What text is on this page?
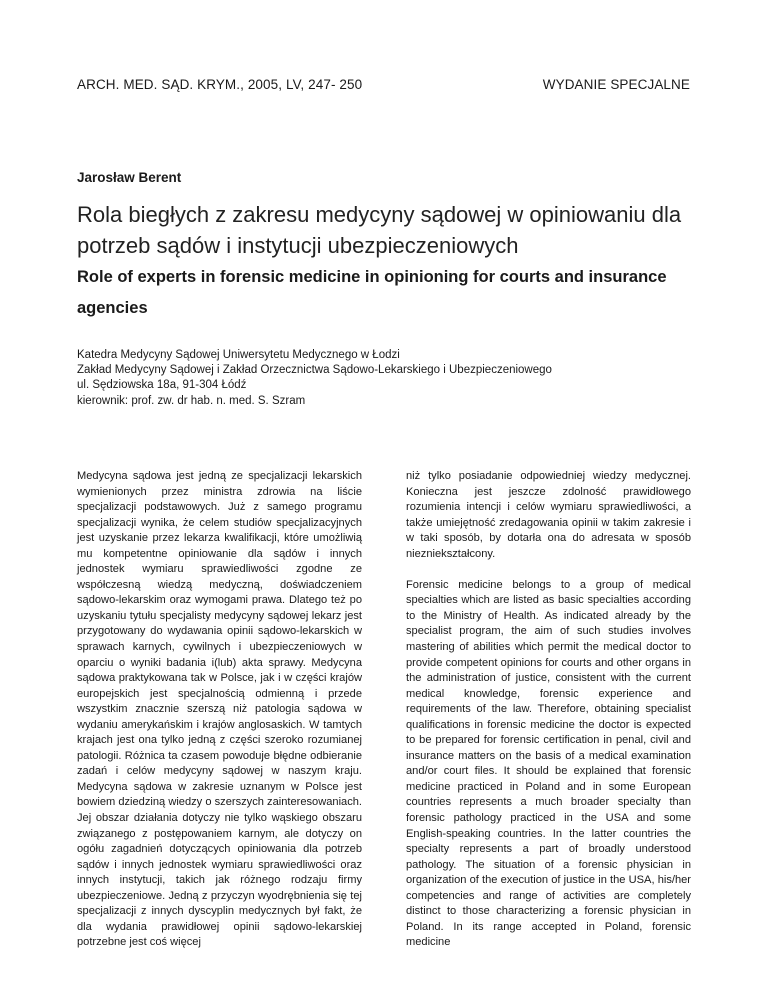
ARCH. MED. SĄD. KRYM., 2005, LV, 247- 250	WYDANIE SPECJALNE
Jarosław Berent
Rola biegłych z zakresu medycyny sądowej w opiniowaniu dla potrzeb sądów i instytucji ubezpieczeniowych
Role of experts in forensic medicine in opinioning for courts and insurance agencies
Katedra Medycyny Sądowej Uniwersytetu Medycznego w Łodzi
Zakład Medycyny Sądowej i Zakład Orzecznictwa Sądowo-Lekarskiego i Ubezpieczeniowego
ul. Sędziowska 18a, 91-304 Łódź
kierownik: prof. zw. dr hab. n. med. S. Szram

Medycyna sądowa jest jedną ze specjalizacji lekarskich wymienionych przez ministra zdrowia na liście specjalizacji podstawowych. Już z samego programu specjalizacji wynika, że celem studiów specjalizacyjnych jest uzyskanie przez lekarza kwalifikacji, które umożliwią mu kompetentne opiniowanie dla sądów i innych jednostek wymiaru sprawiedliwości zgodne ze współczesną wiedzą medyczną, doświadczeniem sądowo-lekarskim oraz wymogami prawa. Dlatego też po uzyskaniu tytułu specjalisty medycyny sądowej lekarz jest przygotowany do wydawania opinii sądowo-lekarskich w sprawach karnych, cywilnych i ubezpieczeniowych w oparciu o wyniki badania i(lub) akta sprawy. Medycyna sądowa praktykowana tak w Polsce, jak i w części krajów europejskich jest specjalnością odmienną i przede wszystkim znacznie szerszą niż patologia sądowa w wydaniu amerykańskim i krajów anglosaskich. W tamtych krajach jest ona tylko jedną z części szeroko rozumianej patologii. Różnica ta czasem powoduje błędne odbieranie zadań i celów medycyny sądowej w naszym kraju. Medycyna sądowa w zakresie uznanym w Polsce jest bowiem dziedziną wiedzy o szerszych zainteresowaniach. Jej obszar działania dotyczy nie tylko wąskiego obszaru związanego z postępowaniem karnym, ale dotyczy on ogółu zagadnień dotyczących opiniowania dla potrzeb sądów i innych jednostek wymiaru sprawiedliwości oraz innych instytucji, takich jak różnego rodzaju firmy ubezpieczeniowe. Jedną z przyczyn wyodrębnienia się tej specjalizacji z innych dyscyplin medycznych był fakt, że dla wydania prawidłowej opinii sądowo-lekarskiej potrzebne jest coś więcej

niż tylko posiadanie odpowiedniej wiedzy medycznej. Konieczna jest jeszcze zdolność prawidłowego rozumienia intencji i celów wymiaru sprawiedliwości, a także umiejętność zredagowania opinii w takim zakresie i w taki sposób, by dotarła ona do adresata w sposób niezniekształcony.

Forensic medicine belongs to a group of medical specialties which are listed as basic specialties according to the Ministry of Health. As indicated already by the specialist program, the aim of such studies involves mastering of abilities which permit the medical doctor to provide competent opinions for courts and other organs in the administration of justice, consistent with the current medical knowledge, forensic experience and requirements of the law. Therefore, obtaining specialist qualifications in forensic medicine the doctor is expected to be prepared for forensic certification in penal, civil and insurance matters on the basis of a medical examination and/or court files. It should be explained that forensic medicine practiced in Poland and in some European countries represents a much broader specialty than forensic pathology practiced in the USA and some English-speaking countries. In the latter countries the specialty represents a part of broadly understood pathology. The situation of a forensic physician in organization of the execution of justice in the USA, his/her competencies and range of activities are completely distinct to those characterizing a forensic physician in Poland. In its range accepted in Poland, forensic medicine
